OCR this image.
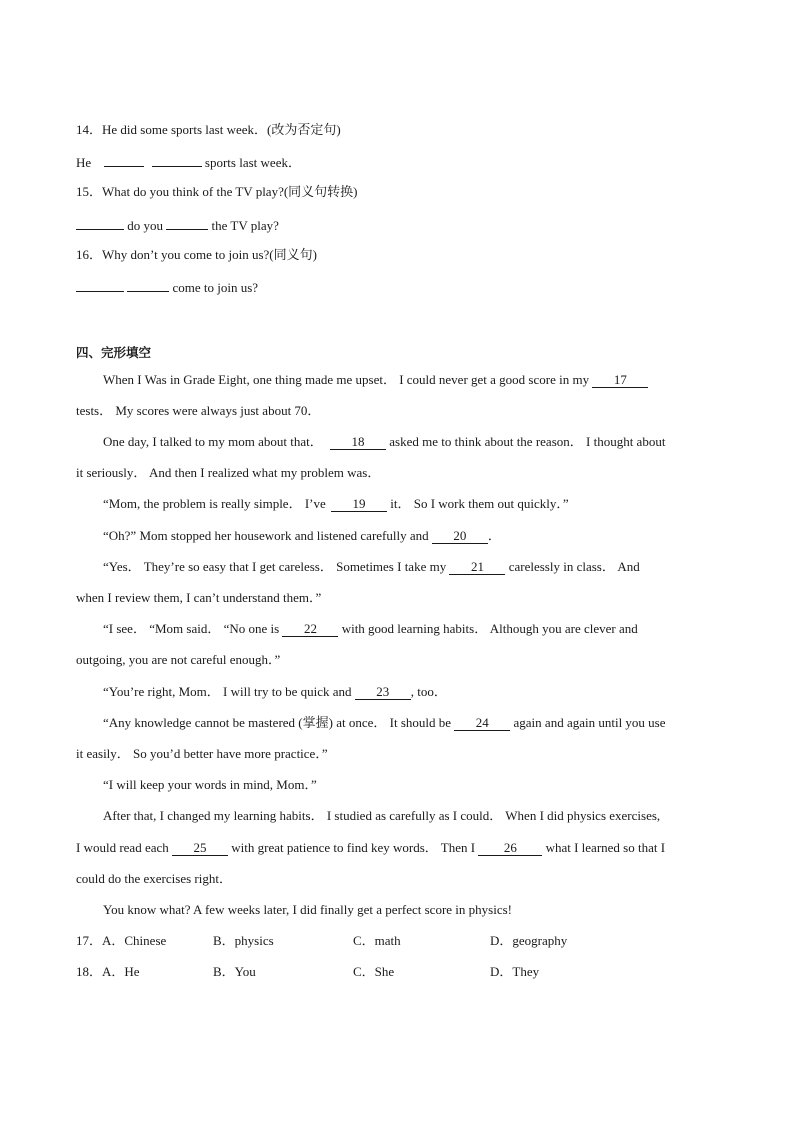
14．He did some sports last week．(改为否定句)
He	sports last week．
15．What do you think of the TV play?(同义句转换)
do you	the TV play?
16．Why don’t you come to join us?(同义句)
come to join us?
四、完形填空
When I Was in Grade Eight, one thing made me upset． I could never get a good score in my 17
tests． My scores were always just about 70．
One day, I talked to my mom about that． 18 asked me to think about the reason． I thought about
it seriously． And then I realized what my problem was．
“Mom, the problem is really simple． I’ve 19 it． So I work them out quickly．”
“Oh?” Mom stopped her housework and listened carefully and 20 ．
“Yes． They’re so easy that I get careless． Sometimes I take my 21 carelessly in class． And
when I review them, I can’t understand them．”
“I see． “Mom said． “No one is 22 with good learning habits． Although you are clever and
outgoing, you are not careful enough．”
“You’re right, Mom． I will try to be quick and 23 , too．
“Any knowledge cannot be mastered (掌握) at once． It should be 24 again and again until you use
it easily． So you’d better have more practice．”
“I will keep your words in mind, Mom．”
After that, I changed my learning habits． I studied as carefully as I could． When I did physics exercises,
I would read each 25 with great patience to find key words． Then I 26 what I learned so that I
could do the exercises right．
You know what? A few weeks later, I did finally get a perfect score in physics!
17．A．Chinese	B．physics	C．math	D．geography
18．A．He	B．You	C．She	D．They
